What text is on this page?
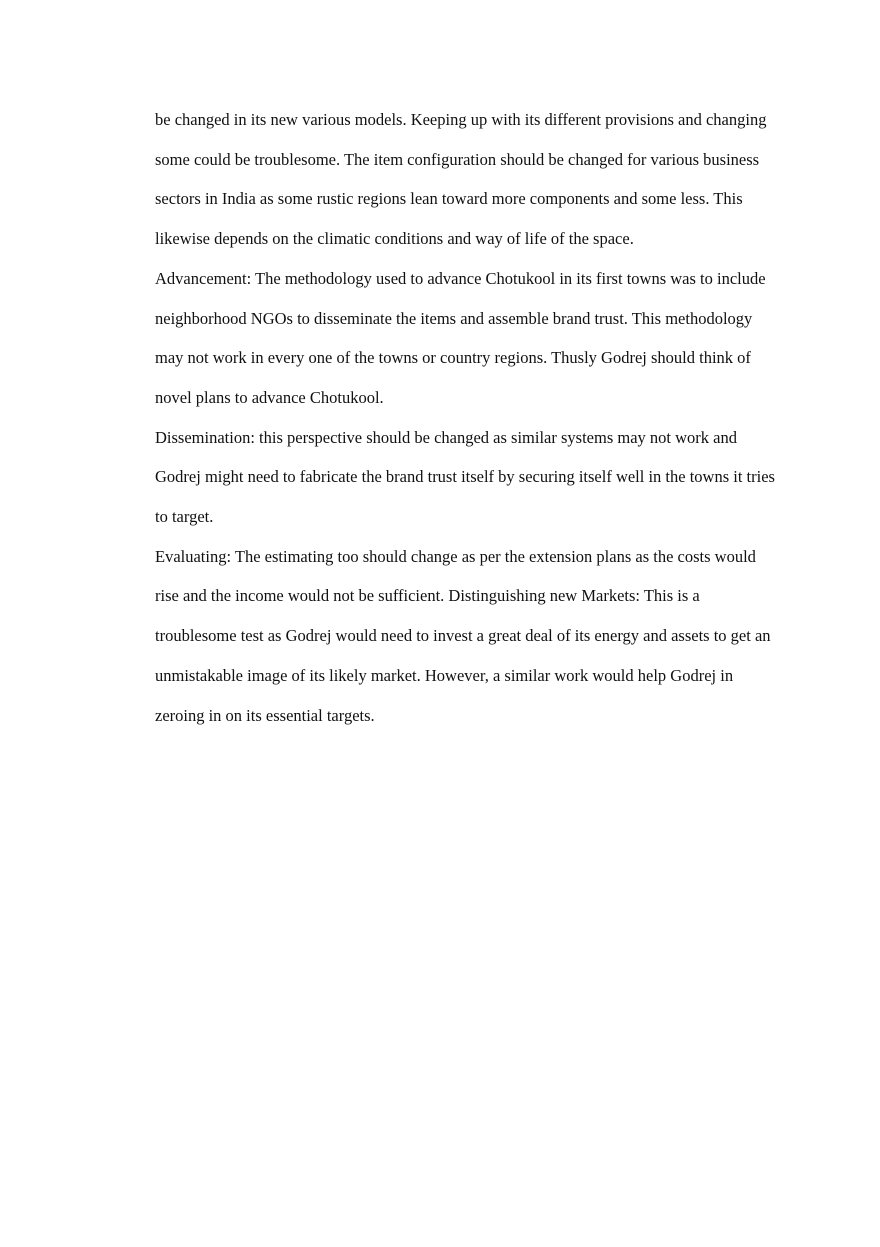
be changed in its new various models. Keeping up with its different provisions and changing some could be troublesome. The item configuration should be changed for various business sectors in India as some rustic regions lean toward more components and some less. This likewise depends on the climatic conditions and way of life of the space.

Advancement: The methodology used to advance Chotukool in its first towns was to include neighborhood NGOs to disseminate the items and assemble brand trust. This methodology may not work in every one of the towns or country regions. Thusly Godrej should think of novel plans to advance Chotukool.

Dissemination: this perspective should be changed as similar systems may not work and Godrej might need to fabricate the brand trust itself by securing itself well in the towns it tries to target.

Evaluating: The estimating too should change as per the extension plans as the costs would rise and the income would not be sufficient. Distinguishing new Markets: This is a troublesome test as Godrej would need to invest a great deal of its energy and assets to get an unmistakable image of its likely market. However, a similar work would help Godrej in zeroing in on its essential targets.
